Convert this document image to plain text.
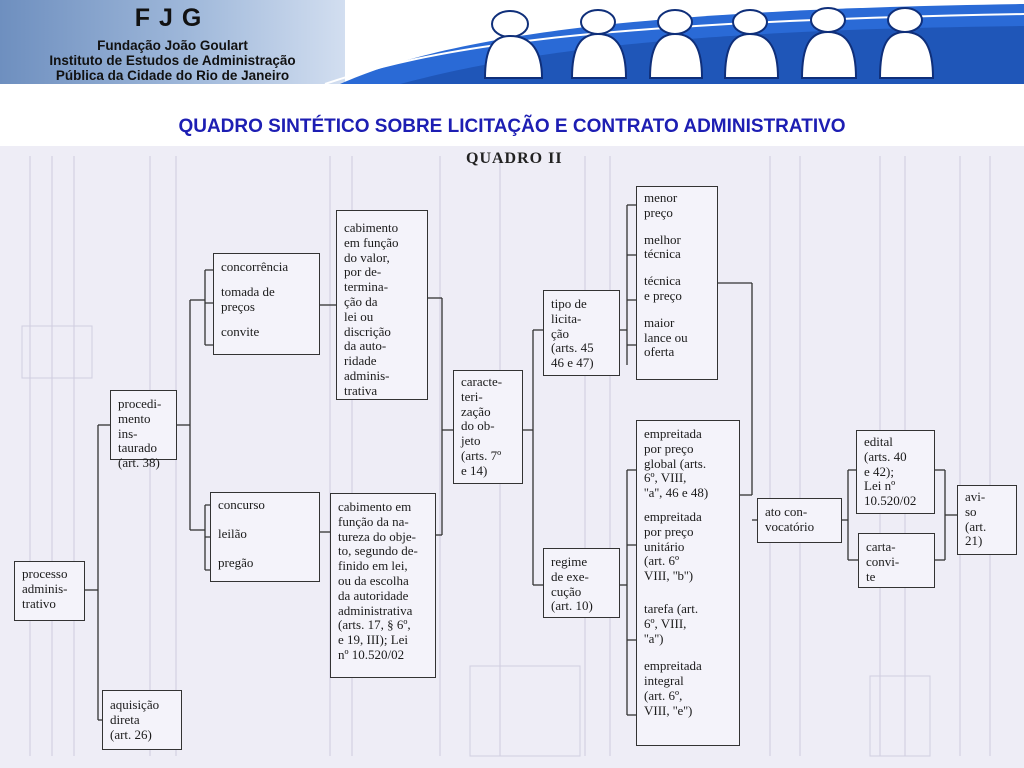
FJG
Fundação João Goulart
Instituto de Estudos de Administração
Pública da Cidade do Rio de Janeiro
QUADRO SINTÉTICO SOBRE LICITAÇÃO E CONTRATO ADMINISTRATIVO
QUADRO II
processo
adminis-
trativo
procedi-
mento ins-
taurado
(art. 38)
aquisição
direta
(art. 26)
concorrência
tomada de
preços
convite
cabimento
em função
do valor,
por de-
termina-
ção da
lei ou
discrição
da auto-
ridade
adminis-
trativa
concurso
leilão
pregão
cabimento em
função da na-
tureza do obje-
to, segundo de-
finido em lei,
ou da escolha
da autoridade
administrativa
(arts. 17, § 6º,
e 19, III); Lei
nº 10.520/02
caracte-
teri-
zação
do ob-
jeto
(arts. 7º
e 14)
tipo de
licita-
ção
(arts. 45
46 e 47)
regime
de exe-
cução
(art. 10)
menor
preço
melhor
técnica
técnica
e preço
maior
lance ou
oferta
empreitada
por preço
global (arts.
6º, VIII,
''a'', 46 e 48)
empreitada
por preço
unitário
(art. 6º
VIII, ''b'')
tarefa (art.
6º, VIII,
''a'')
empreitada
integral
(art. 6º,
VIII, ''e'')
ato con-
vocatório
edital
(arts. 40
e 42);
Lei nº
10.520/02
carta-
convi-
te
avi-
so
(art.
21)
